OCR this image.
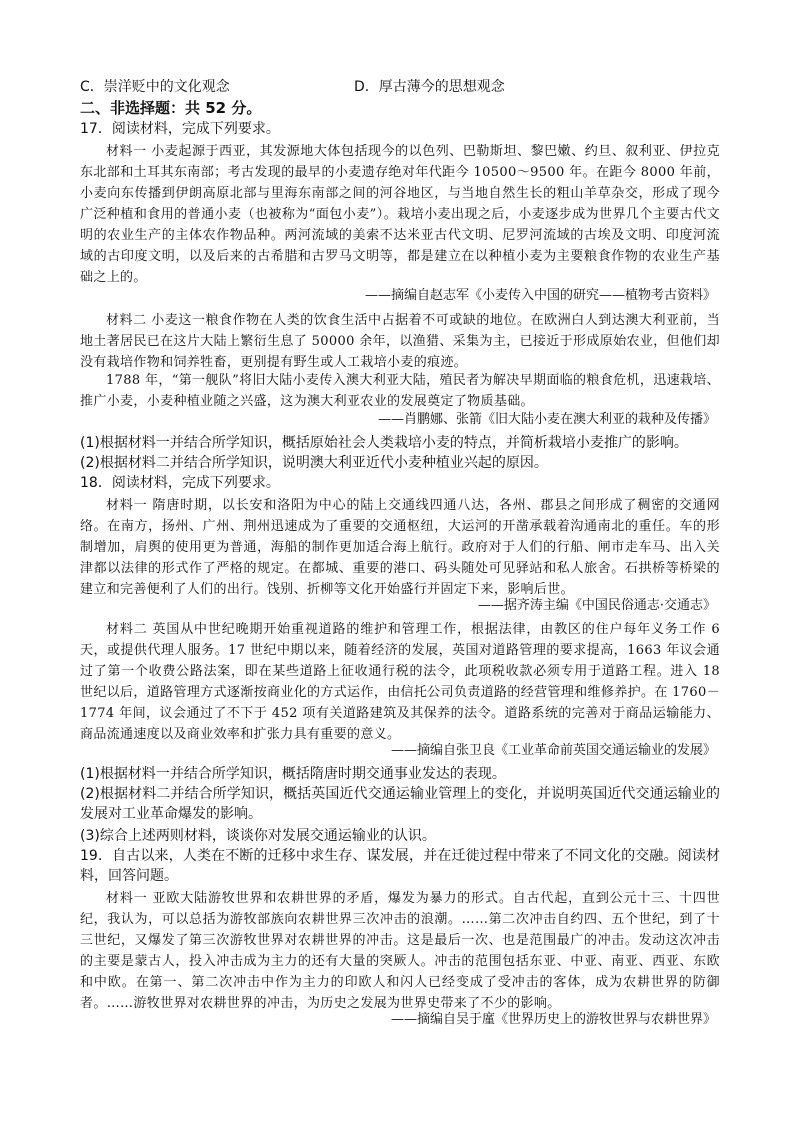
C．崇洋贬中的文化观念	D．厚古薄今的思想观念
二、非选择题：共 52 分。
17．阅读材料，完成下列要求。
材料一 小麦起源于西亚，其发源地大体包括现今的以色列、巴勒斯坦、黎巴嫩、约旦、叙利亚、伊拉克东北部和土耳其东南部；考古发现的最早的小麦遗存绝对年代距今 10500～9500 年。在距今 8000 年前，小麦向东传播到伊朗高原北部与里海东南部之间的河谷地区，与当地自然生长的粗山羊草杂交，形成了现今广泛种植和食用的普通小麦（也被称为“面包小麦”）。栽培小麦出现之后，小麦逐步成为世界几个主要古代文明的农业生产的主体农作物品种。两河流域的美索不达米亚古代文明、尼罗河流域的古埃及文明、印度河流域的古印度文明，以及后来的古希腊和古罗马文明等，都是建立在以种植小麦为主要粮食作物的农业生产基础之上的。
——摘编自赵志军《小麦传入中国的研究——植物考古资料》
材料二 小麦这一粮食作物在人类的饮食生活中占据着不可或缺的地位。在欧洲白人到达澳大利亚前，当地土著居民已在这片大陆上繁衍生息了 50000 余年，以渔猎、采集为主，已接近于形成原始农业，但他们却没有栽培作物和饲养牲畜，更别提有野生或人工栽培小麦的痕迹。
1788 年，“第一舰队”将旧大陆小麦传入澳大利亚大陆，殖民者为解决早期面临的粮食危机，迅速栽培、推广小麦，小麦种植业随之兴盛，这为澳大利亚农业的发展奠定了物质基础。
——肖鹏娜、张箭《旧大陆小麦在澳大利亚的栽种及传播》
(1)根据材料一并结合所学知识，概括原始社会人类栽培小麦的特点，并简析栽培小麦推广的影响。
(2)根据材料二并结合所学知识，说明澳大利亚近代小麦种植业兴起的原因。
18．阅读材料，完成下列要求。
材料一 隋唐时期，以长安和洛阳为中心的陆上交通线四通八达，各州、郡县之间形成了稠密的交通网络。在南方，扬州、广州、荆州迅速成为了重要的交通枢纽，大运河的开凿承载着沟通南北的重任。车的形制增加，肩舆的使用更为普通，海船的制作更加适合海上航行。政府对于人们的行船、闸市走车马、出入关津都以法律的形式作了严格的规定。在都城、重要的港口、码头随处可见驿站和私人旅舍。石拱桥等桥梁的建立和完善便利了人们的出行。饯别、折柳等文化开始盛行并固定下来，影响后世。
——据齐涛主编《中国民俗通志·交通志》
材料二 英国从中世纪晚期开始重视道路的维护和管理工作，根据法律，由教区的住户每年义务工作 6 天，或提供代理人服务。17 世纪中期以来，随着经济的发展，英国对道路管理的要求提高，1663 年议会通过了第一个收费公路法案，即在某些道路上征收通行税的法令，此项税收款必须专用于道路工程。进入 18 世纪以后，道路管理方式逐渐按商业化的方式运作，由信托公司负责道路的经营管理和维修养护。在 1760－1774 年间，议会通过了不下于 452 项有关道路建筑及其保养的法令。道路系统的完善对于商品运输能力、商品流通速度以及商业效率和扩张力具有重要的意义。
——摘编自张卫良《工业革命前英国交通运输业的发展》
(1)根据材料一并结合所学知识，概括隋唐时期交通事业发达的表现。
(2)根据材料二并结合所学知识，概括英国近代交通运输业管理上的变化，并说明英国近代交通运输业的发展对工业革命爆发的影响。
(3)综合上述两则材料，谈谈你对发展交通运输业的认识。
19．自古以来，人类在不断的迁移中求生存、谋发展，并在迁徙过程中带来了不同文化的交融。阅读材料，回答问题。
材料一 亚欧大陆游牧世界和农耕世界的矛盾，爆发为暴力的形式。自古代起，直到公元十三、十四世纪，我认为，可以总括为游牧部族向农耕世界三次冲击的浪潮。……第二次冲击自约四、五个世纪，到了十三世纪，又爆发了第三次游牧世界对农耕世界的冲击。这是最后一次、也是范围最广的冲击。发动这次冲击的主要是蒙古人，投入冲击成为主力的还有大量的突厥人。冲击的范围包括东亚、中亚、南亚、西亚、东欧和中欧。在第一、第二次冲击中作为主力的印欧人和闪人已经变成了受冲击的客体，成为农耕世界的防御者。……游牧世界对农耕世界的冲击，为历史之发展为世界史带来了不少的影响。
——摘编自吴于廑《世界历史上的游牧世界与农耕世界》
